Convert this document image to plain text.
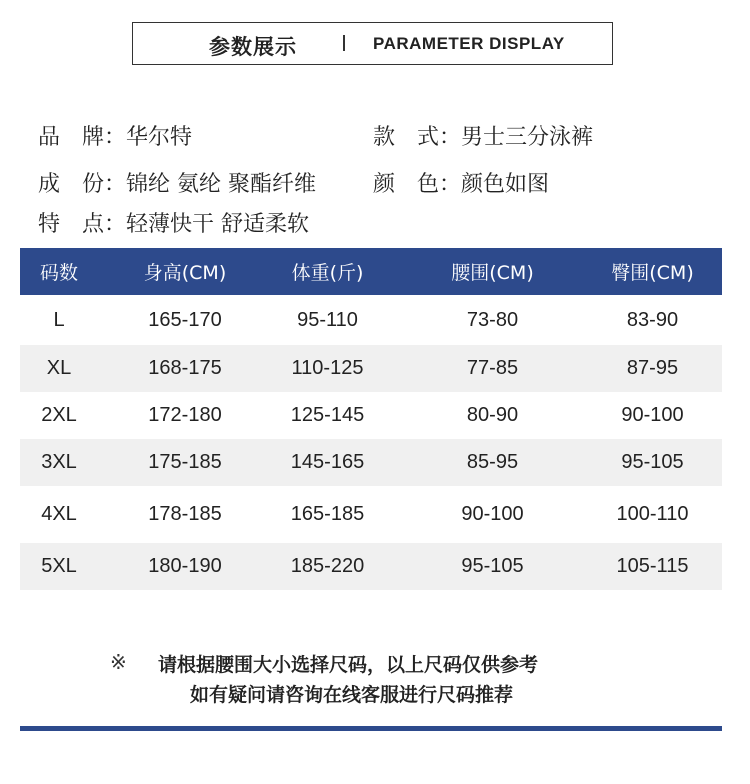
参数展示	PARAMETER DISPLAY
品　牌：华尔特	款　式：男士三分泳裤
成　份：锦纶 氨纶 聚酯纤维	颜　色：颜色如图
特　点：轻薄快干 舒适柔软
码数	身高(CM)	体重(斤)	腰围(CM)	臀围(CM)
L	165-170	95-110	73-80	83-90
XL	168-175	110-125	77-85	87-95
2XL	172-180	125-145	80-90	90-100
3XL	175-185	145-165	85-95	95-105
4XL	178-185	165-185	90-100	100-110
5XL	180-190	185-220	95-105	105-115
※ 请根据腰围大小选择尺码，以上尺码仅供参考
如有疑问请咨询在线客服进行尺码推荐
